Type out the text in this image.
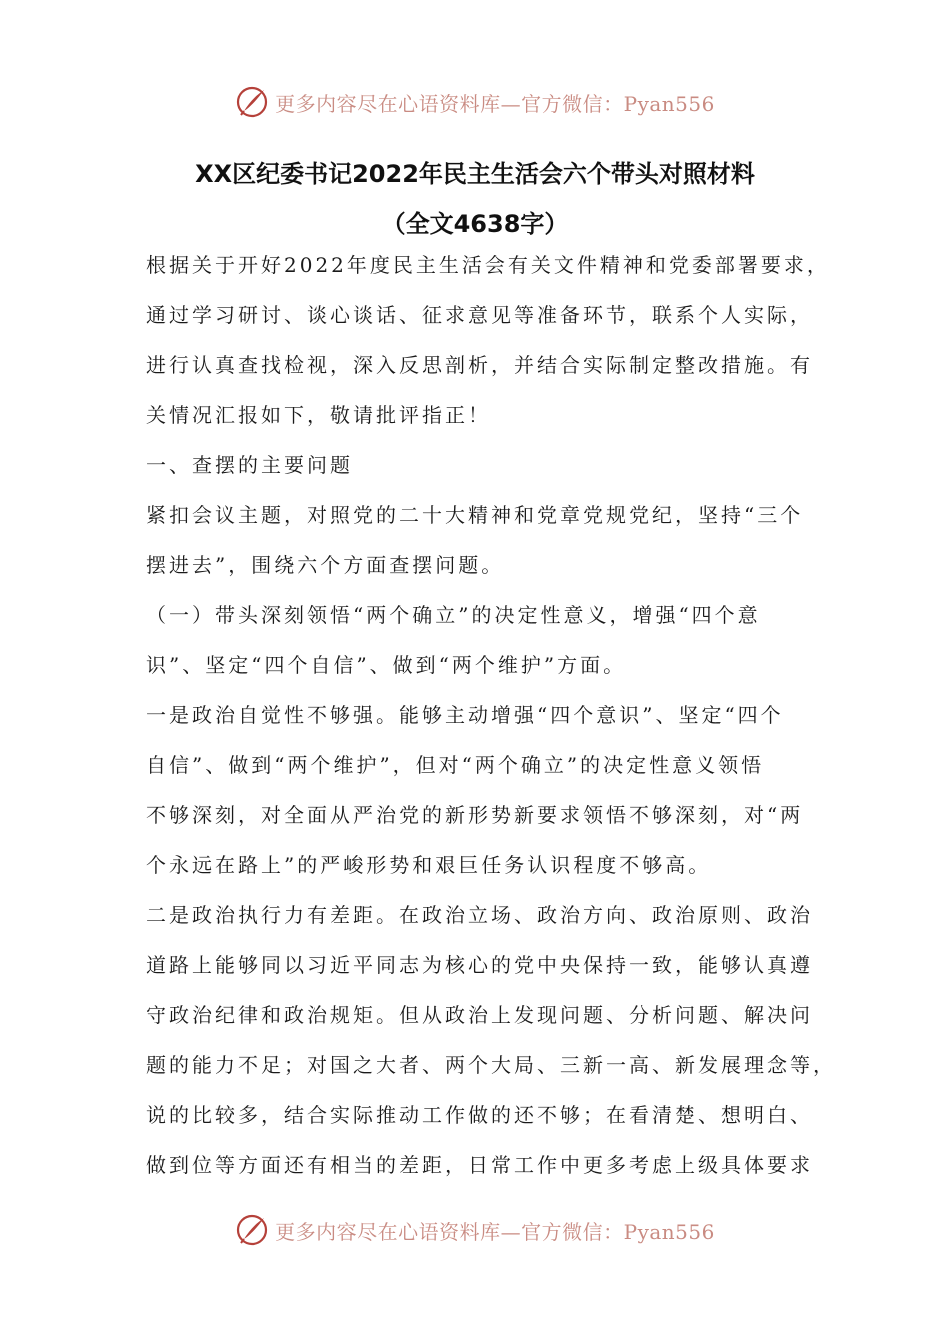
更多内容尽在心语资料库—官方微信：Pyan556
XX区纪委书记2022年民主生活会六个带头对照材料
（全文4638字）
根据关于开好2022年度民主生活会有关文件精神和党委部署要求，
通过学习研讨、谈心谈话、征求意见等准备环节，联系个人实际，
进行认真查找检视，深入反思剖析，并结合实际制定整改措施。有
关情况汇报如下，敬请批评指正！
一、查摆的主要问题
紧扣会议主题，对照党的二十大精神和党章党规党纪，坚持“三个
摆进去”，围绕六个方面查摆问题。
（一）带头深刻领悟“两个确立”的决定性意义，增强“四个意
识”、坚定“四个自信”、做到“两个维护”方面。
一是政治自觉性不够强。能够主动增强“四个意识”、坚定“四个
自信”、做到“两个维护”，但对“两个确立”的决定性意义领悟
不够深刻，对全面从严治党的新形势新要求领悟不够深刻，对“两
个永远在路上”的严峻形势和艰巨任务认识程度不够高。
二是政治执行力有差距。在政治立场、政治方向、政治原则、政治
道路上能够同以习近平同志为核心的党中央保持一致，能够认真遵
守政治纪律和政治规矩。但从政治上发现问题、分析问题、解决问
题的能力不足；对国之大者、两个大局、三新一高、新发展理念等，
说的比较多，结合实际推动工作做的还不够；在看清楚、想明白、
做到位等方面还有相当的差距，日常工作中更多考虑上级具体要求
更多内容尽在心语资料库—官方微信：Pyan556
